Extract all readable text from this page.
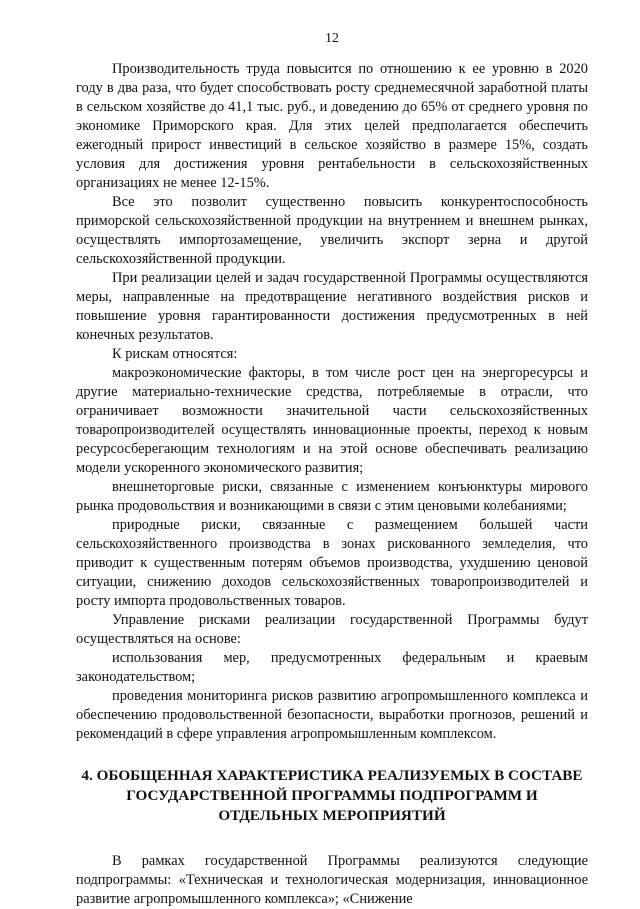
12

Производительность труда повысится по отношению к ее уровню в 2020 году в два раза, что будет способствовать росту среднемесячной заработной платы в сельском хозяйстве до 41,1 тыс. руб., и доведению до 65% от среднего уровня по экономике Приморского края. Для этих целей предполагается обеспечить ежегодный прирост инвестиций в сельское хозяйство в размере 15%, создать условия для достижения уровня рентабельности в сельскохозяйственных организациях не менее 12-15%.

Все это позволит существенно повысить конкурентоспособность приморской сельскохозяйственной продукции на внутреннем и внешнем рынках, осуществлять импортозамещение, увеличить экспорт зерна и другой сельскохозяйственной продукции.

При реализации целей и задач государственной Программы осуществляются меры, направленные на предотвращение негативного воздействия рисков и повышение уровня гарантированности достижения предусмотренных в ней конечных результатов.

К рискам относятся:

макроэкономические факторы, в том числе рост цен на энергоресурсы и другие материально-технические средства, потребляемые в отрасли, что ограничивает возможности значительной части сельскохозяйственных товаропроизводителей осуществлять инновационные проекты, переход к новым ресурсосберегающим технологиям и на этой основе обеспечивать реализацию модели ускоренного экономического развития;

внешнеторговые риски, связанные с изменением конъюнктуры мирового рынка продовольствия и возникающими в связи с этим ценовыми колебаниями;

природные риски, связанные с размещением большей части сельскохозяйственного производства в зонах рискованного земледелия, что приводит к существенным потерям объемов производства, ухудшению ценовой ситуации, снижению доходов сельскохозяйственных товаропроизводителей и росту импорта продовольственных товаров.

Управление рисками реализации государственной Программы будут осуществляться на основе:

использования мер, предусмотренных федеральным и краевым законодательством;

проведения мониторинга рисков развитию агропромышленного комплекса и обеспечению продовольственной безопасности, выработки прогнозов, решений и рекомендаций в сфере управления агропромышленным комплексом.

4. ОБОБЩЕННАЯ ХАРАКТЕРИСТИКА РЕАЛИЗУЕМЫХ В СОСТАВЕ ГОСУДАРСТВЕННОЙ ПРОГРАММЫ ПОДПРОГРАММ И ОТДЕЛЬНЫХ МЕРОПРИЯТИЙ

В рамках государственной Программы реализуются следующие подпрограммы: «Техническая и технологическая модернизация, инновационное развитие агропромышленного комплекса»; «Снижение
